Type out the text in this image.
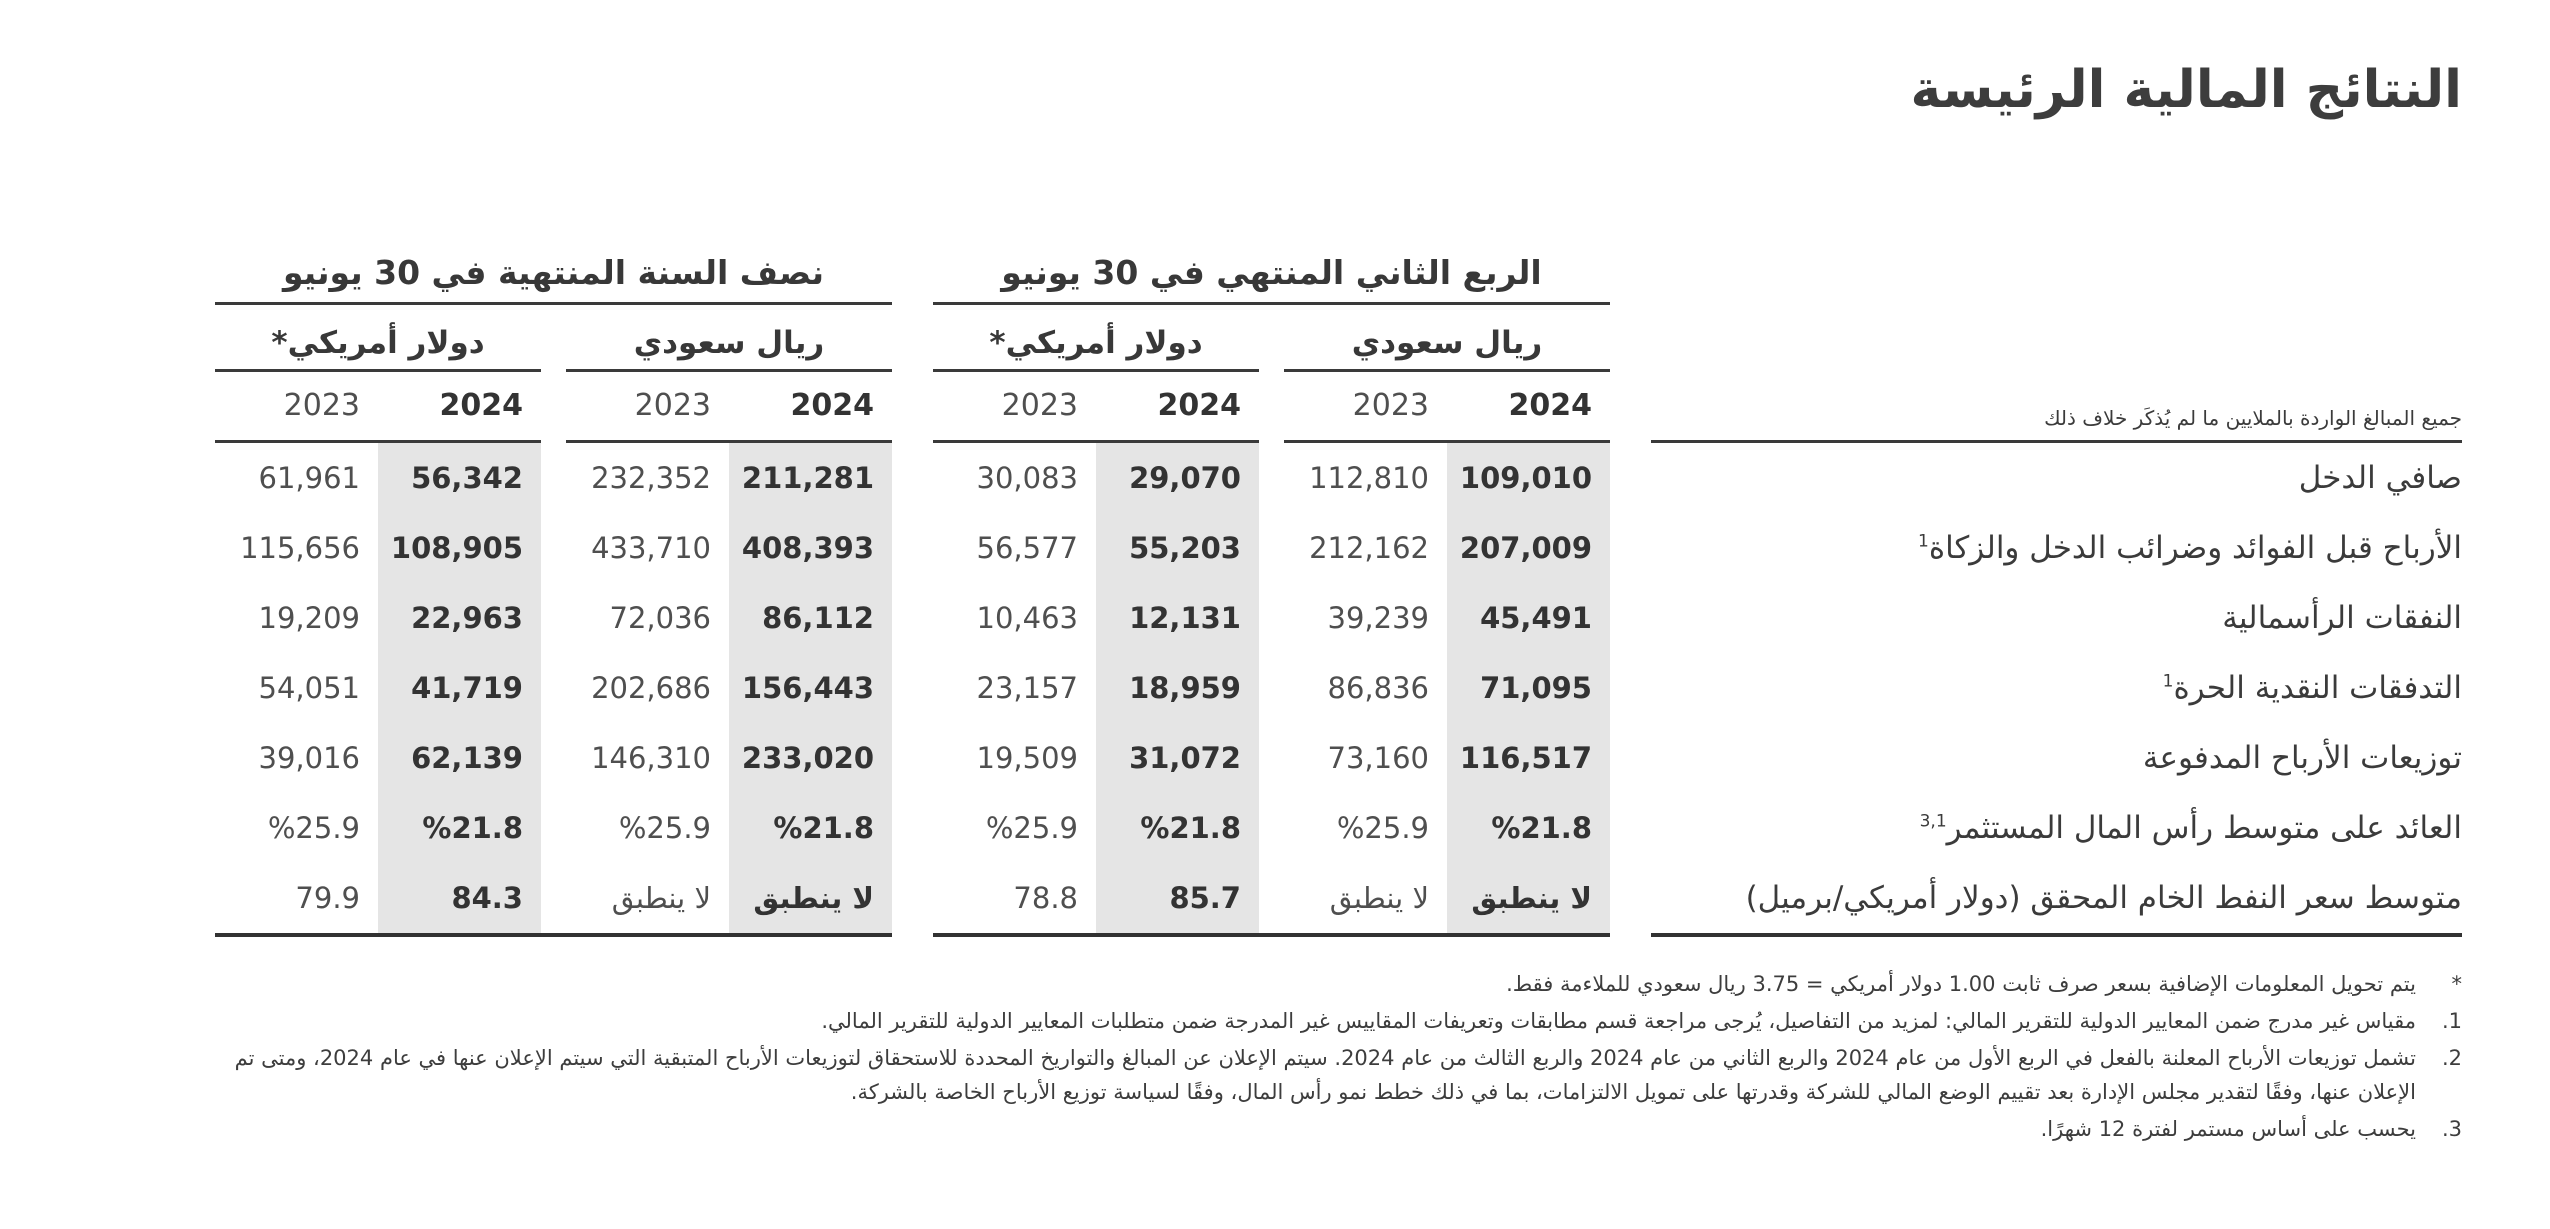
النتائج المالية الرئيسة
جميع المبالغ الواردة بالملايين ما لم يُذكَر خلاف ذلك
صافي الدخل
الأرباح قبل الفوائد وضرائب الدخل والزكاة$^1$
النفقات الرأسمالية
التدفقات النقدية الحرة$^1$
توزيعات الأرباح المدفوعة
العائد على متوسط رأس المال المستثمر$^{3,1}$
متوسط سعر النفط الخام المحقق (دولار أمريكي/برميل)
الربع الثاني المنتهي في 30 يونيو
ريال سعودي
2024
2023
109,010
112,810
207,009
212,162
45,491
39,239
71,095
86,836
116,517
73,160
%21.8
%25.9
لا ينطبق
لا ينطبق
دولار أمريكي*
2024
2023
29,070
30,083
55,203
56,577
12,131
10,463
18,959
23,157
31,072
19,509
%21.8
%25.9
85.7
78.8
نصف السنة المنتهية في 30 يونيو
ريال سعودي
2024
2023
211,281
232,352
408,393
433,710
86,112
72,036
156,443
202,686
233,020
146,310
%21.8
%25.9
لا ينطبق
لا ينطبق
دولار أمريكي*
2024
2023
56,342
61,961
108,905
115,656
22,963
19,209
41,719
54,051
62,139
39,016
%21.8
%25.9
84.3
79.9
*
يتم تحويل المعلومات الإضافية بسعر صرف ثابت 1.00 دولار أمريكي = 3.75 ريال سعودي للملاءمة فقط.
1.
مقياس غير مدرج ضمن المعايير الدولية للتقرير المالي: لمزيد من التفاصيل، يُرجى مراجعة قسم مطابقات وتعريفات المقاييس غير المدرجة ضمن متطلبات المعايير الدولية للتقرير المالي.
2.
تشمل توزيعات الأرباح المعلنة بالفعل في الربع الأول من عام 2024 والربع الثاني من عام 2024 والربع الثالث من عام 2024. سيتم الإعلان عن المبالغ والتواريخ المحددة للاستحقاق لتوزيعات الأرباح المتبقية التي سيتم الإعلان عنها في عام 2024، ومتى تم الإعلان عنها، وفقًا لتقدير مجلس الإدارة بعد تقييم الوضع المالي للشركة وقدرتها على تمويل الالتزامات، بما في ذلك خطط نمو رأس المال، وفقًا لسياسة توزيع الأرباح الخاصة بالشركة.
3.
يحسب على أساس مستمر لفترة 12 شهرًا.
